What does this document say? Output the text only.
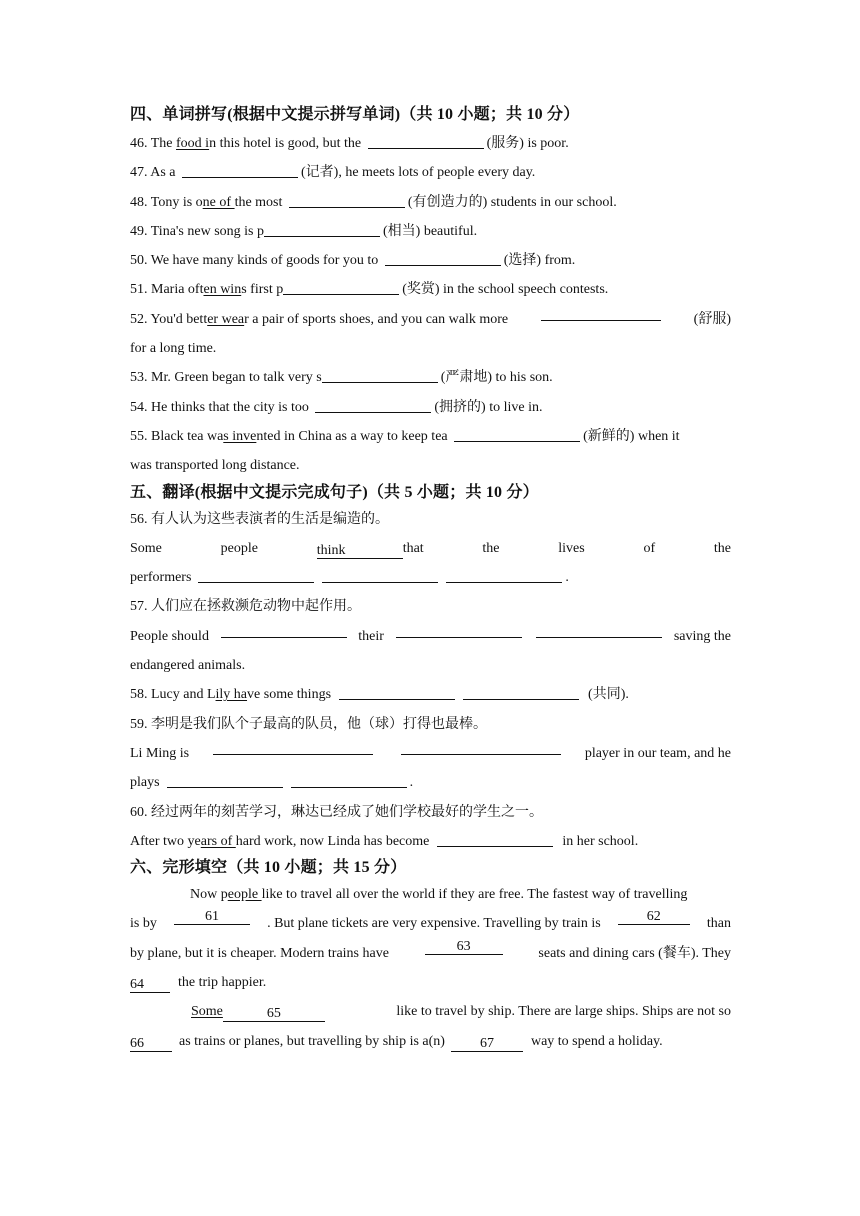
四、单词拼写(根据中文提示拼写单词)（共 10 小题；共 10 分）
46. The food in this hotel is good, but the	(服务) is poor.
47. As a	(记者), he meets lots of people every day.
48. Tony is one of the most	(有创造力的) students in our school.
49. Tina's new song is p	(相当) beautiful.
50. We have many kinds of goods for you to	(选择) from.
51. Maria often wins first p	(奖赏) in the school speech contests.
52. You'd better wear a pair of sports shoes, and you can walk more	(舒服)
for a long time.
53. Mr. Green began to talk very s	(严肃地) to his son.
54. He thinks that the city is too	(拥挤的) to live in.
55. Black tea was invented in China as a way to keep tea	(新鲜的) when it
was transported long distance.
五、翻译(根据中文提示完成句子)（共 5 小题；共 10 分）
56. 有人认为这些表演者的生活是编造的。
Some	people	think	that	the	lives	of	the
performers	.
57. 人们应在拯救濒危动物中起作用。
People should	their	saving the
endangered animals.
58. Lucy and Lily have some things	(共同).
59. 李明是我们队个子最高的队员，他（球）打得也最棒。
Li Ming is	player in our team, and he
plays	.
60. 经过两年的刻苦学习，琳达已经成了她们学校最好的学生之一。
After two years of hard work, now Linda has become	in her school.
六、完形填空（共 10 小题；共 15 分）
Now people like to travel all over the world if they are free. The fastest way of travelling
is by	61	. But plane tickets are very expensive. Travelling by train is	62	than
by plane, but it is cheaper. Modern trains have	63	seats and dining cars (餐车). They
64 the trip happier.
Some	65	like to travel by ship. There are large ships. Ships are not so
66	as trains or planes, but travelling by ship is a(n)	67	way to spend a holiday.
